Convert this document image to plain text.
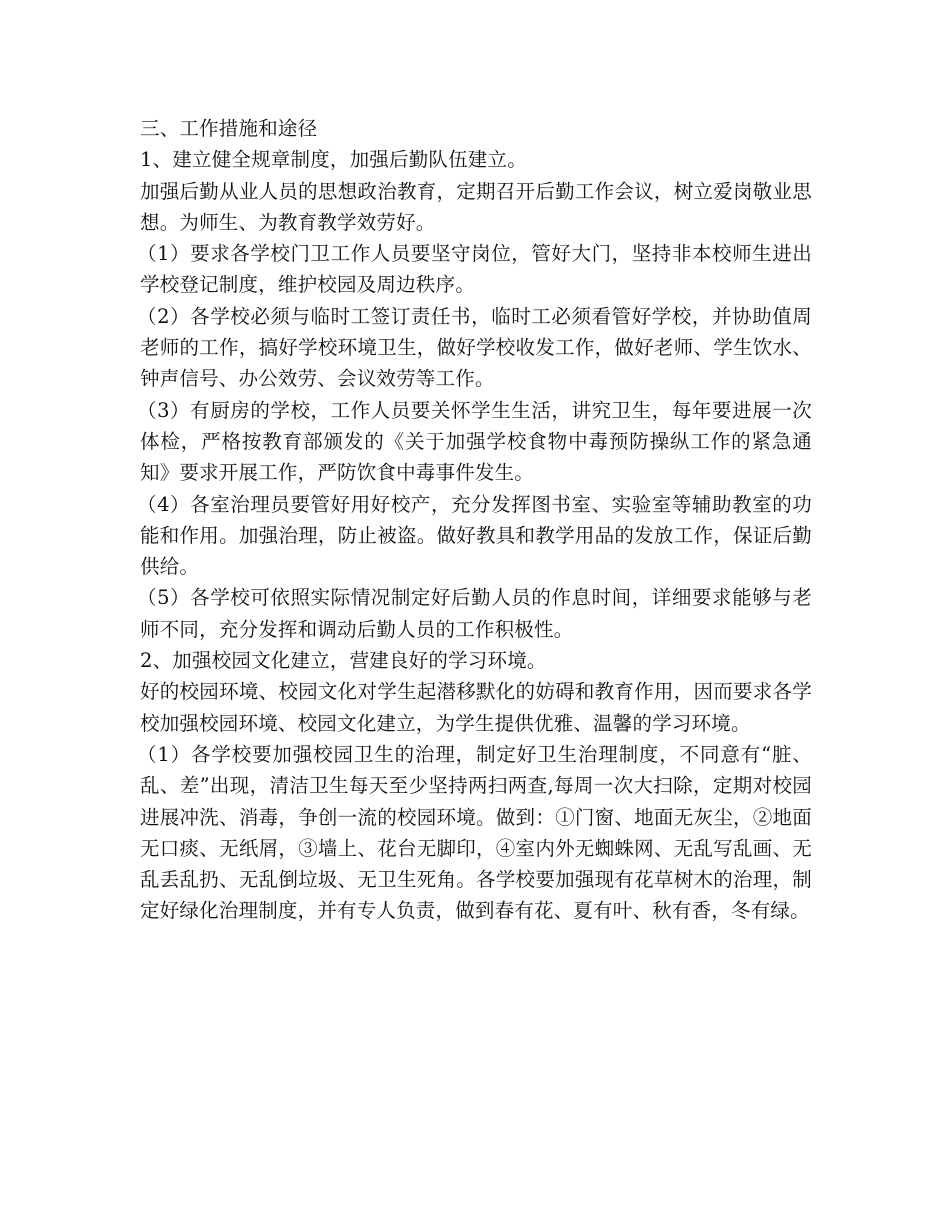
三、工作措施和途径

1、建立健全规章制度，加强后勤队伍建立。

加强后勤从业人员的思想政治教育，定期召开后勤工作会议，树立爱岗敬业思想。为师生、为教育教学效劳好。

（1）要求各学校门卫工作人员要坚守岗位，管好大门，坚持非本校师生进出学校登记制度，维护校园及周边秩序。

（2）各学校必须与临时工签订责任书，临时工必须看管好学校，并协助值周老师的工作，搞好学校环境卫生，做好学校收发工作，做好老师、学生饮水、钟声信号、办公效劳、会议效劳等工作。

（3）有厨房的学校，工作人员要关怀学生生活，讲究卫生，每年要进展一次体检，严格按教育部颁发的《关于加强学校食物中毒预防操纵工作的紧急通知》要求开展工作，严防饮食中毒事件发生。

（4）各室治理员要管好用好校产，充分发挥图书室、实验室等辅助教室的功能和作用。加强治理，防止被盗。做好教具和教学用品的发放工作，保证后勤供给。

（5）各学校可依照实际情况制定好后勤人员的作息时间，详细要求能够与老师不同，充分发挥和调动后勤人员的工作积极性。

2、加强校园文化建立，营建良好的学习环境。

好的校园环境、校园文化对学生起潜移默化的妨碍和教育作用，因而要求各学校加强校园环境、校园文化建立，为学生提供优雅、温馨的学习环境。

（1）各学校要加强校园卫生的治理，制定好卫生治理制度，不同意有“脏、乱、差”出现，清洁卫生每天至少坚持两扫两查,每周一次大扫除，定期对校园进展冲洗、消毒，争创一流的校园环境。做到：①门窗、地面无灰尘，②地面无口痰、无纸屑，③墙上、花台无脚印，④室内外无蜘蛛网、无乱写乱画、无乱丢乱扔、无乱倒垃圾、无卫生死角。各学校要加强现有花草树木的治理，制定好绿化治理制度，并有专人负责，做到春有花、夏有叶、秋有香，冬有绿。
